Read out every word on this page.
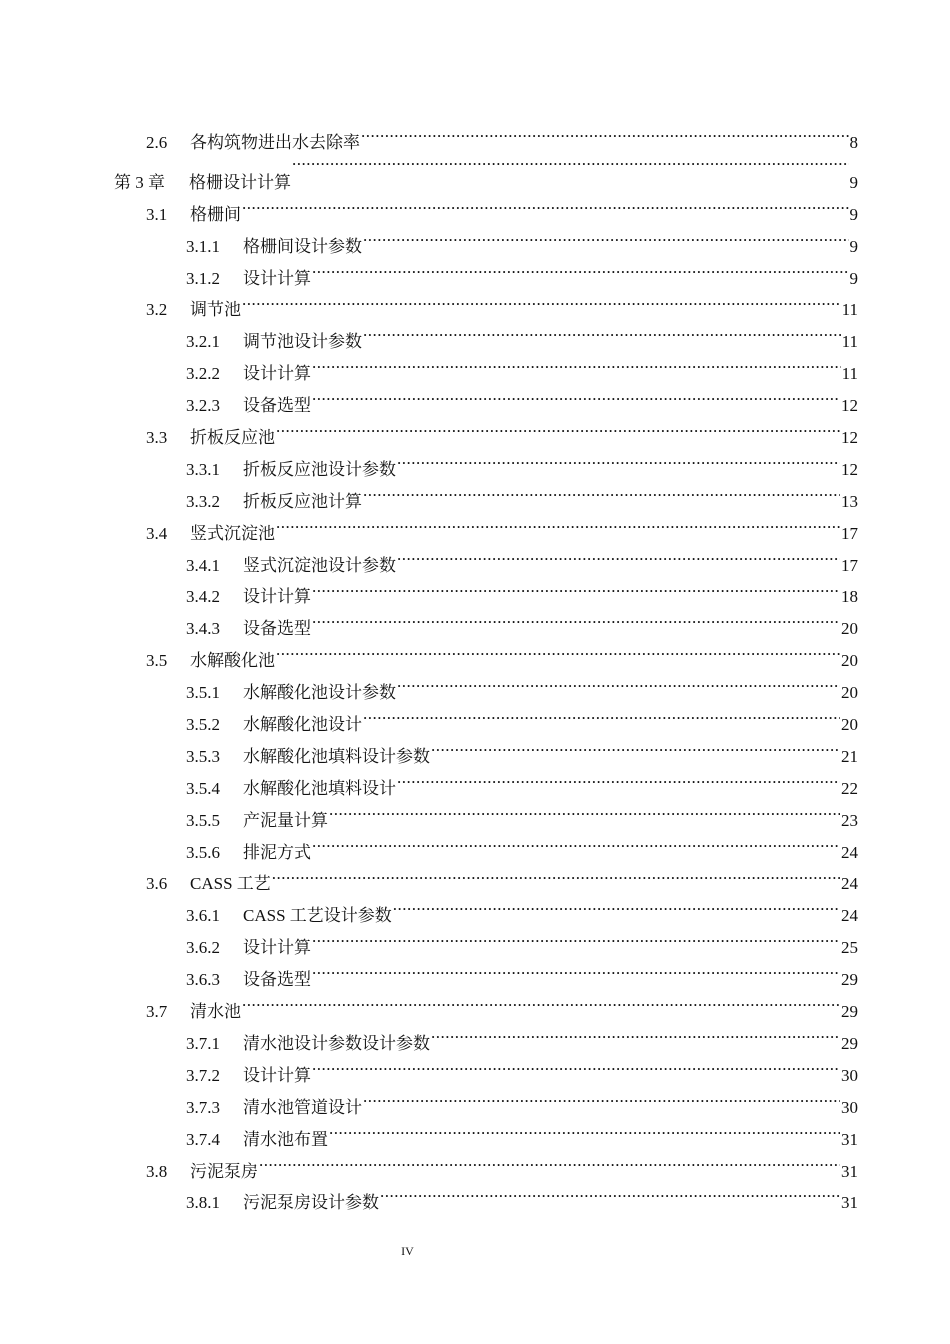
2.6	各构筑物进出水去除率 .....	8
第 3 章	格栅设计计算 .....	9
3.1	格栅间 .....	9
3.1.1	格栅间设计参数 .....	9
3.1.2	设计计算 .....	9
3.2	调节池 .....	11
3.2.1	调节池设计参数 .....	11
3.2.2	设计计算 .....	11
3.2.3	设备选型 .....	12
3.3	折板反应池 .....	12
3.3.1	折板反应池设计参数 .....	12
3.3.2	折板反应池计算 .....	13
3.4	竖式沉淀池 .....	17
3.4.1	竖式沉淀池设计参数 .....	17
3.4.2	设计计算 .....	18
3.4.3	设备选型 .....	20
3.5	水解酸化池 .....	20
3.5.1	水解酸化池设计参数 .....	20
3.5.2	水解酸化池设计 .....	20
3.5.3	水解酸化池填料设计参数 .....	21
3.5.4	水解酸化池填料设计 .....	22
3.5.5	产泥量计算 .....	23
3.5.6	排泥方式 .....	24
3.6	CASS 工艺 .....	24
3.6.1	CASS 工艺设计参数 .....	24
3.6.2	设计计算 .....	25
3.6.3	设备选型 .....	29
3.7	清水池 .....	29
3.7.1	清水池设计参数设计参数 .....	29
3.7.2	设计计算 .....	30
3.7.3	清水池管道设计 .....	30
3.7.4	清水池布置 .....	31
3.8	污泥泵房 .....	31
3.8.1	污泥泵房设计参数 .....	31
IV
